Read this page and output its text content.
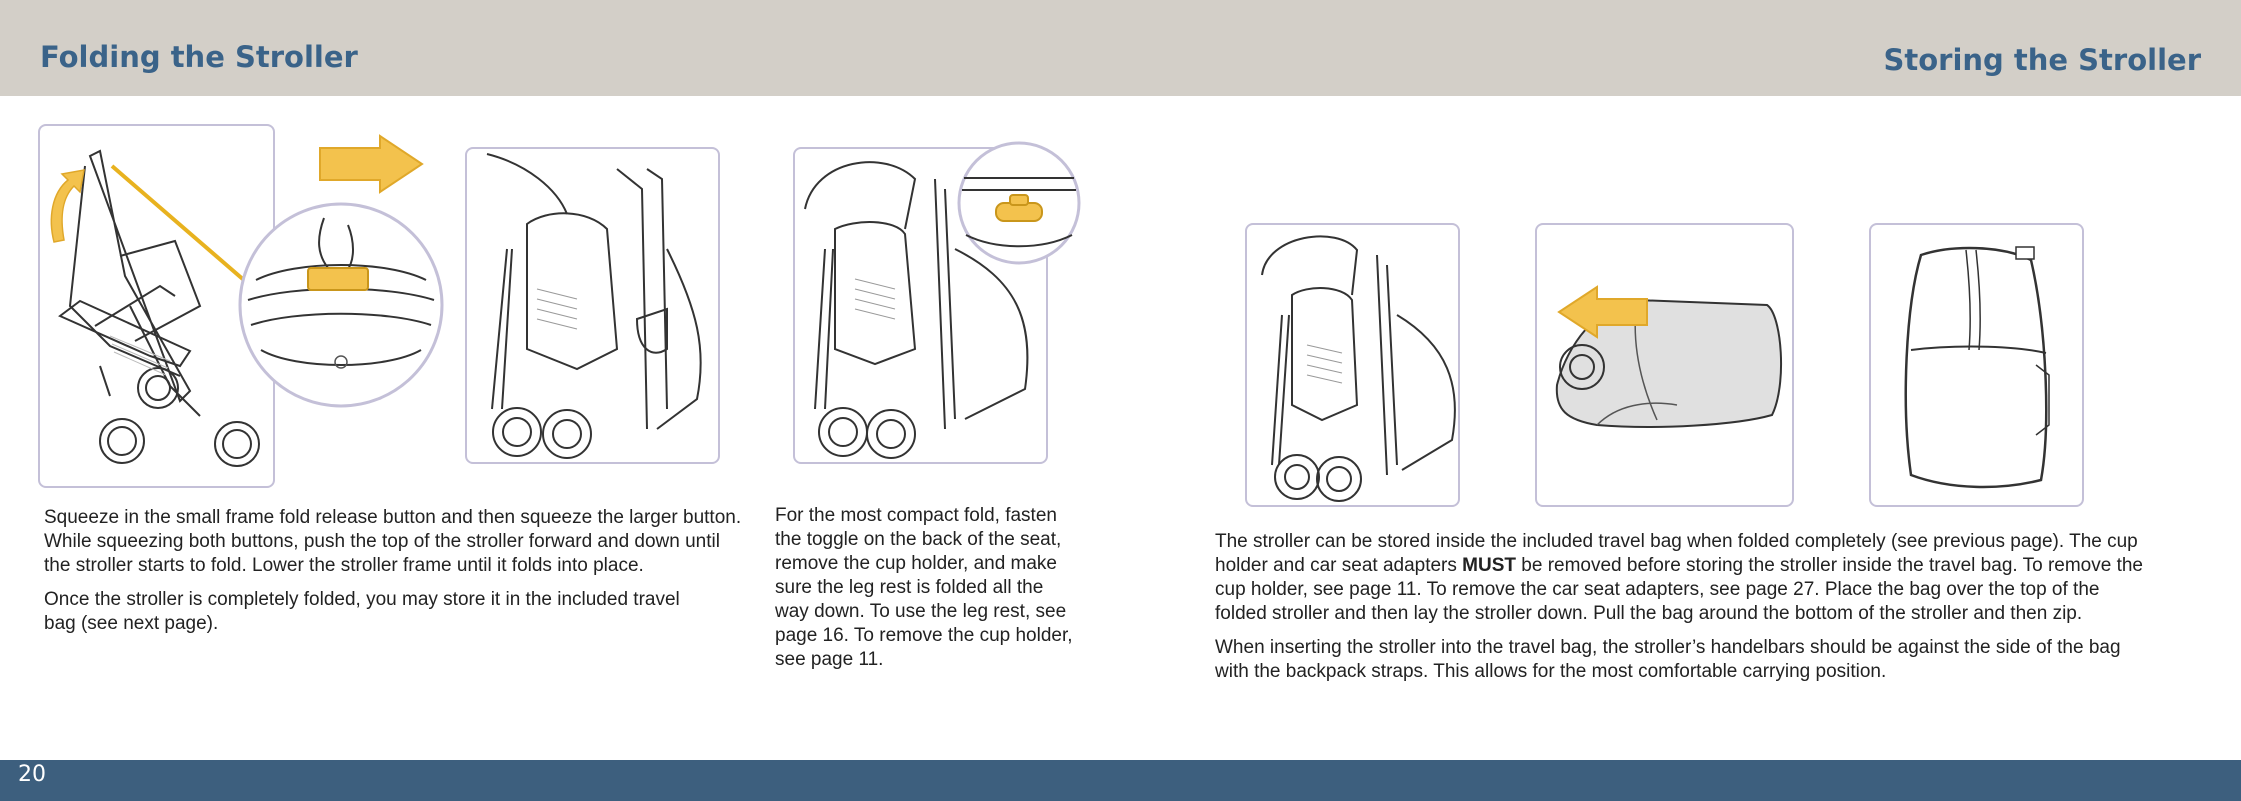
Folding the Stroller	Storing the Stroller

Squeeze in the small frame fold release button and then squeeze the larger button. While squeezing both buttons, push the top of the stroller forward and down until the stroller starts to fold. Lower the stroller frame until it folds into place.

Once the stroller is completely folded, you may store it in the included travel bag (see next page).

For the most compact fold, fasten the toggle on the back of the seat, remove the cup holder, and make sure the leg rest is folded all the way down. To use the leg rest, see page 16. To remove the cup holder, see page 11.

The stroller can be stored inside the included travel bag when folded completely (see previous page). The cup holder and car seat adapters MUST be removed before storing the stroller inside the travel bag. To remove the cup holder, see page 11. To remove the car seat adapters, see page 27. Place the bag over the top of the folded stroller and then lay the stroller down. Pull the bag around the bottom of the stroller and then zip.

When inserting the stroller into the travel bag, the stroller’s handelbars should be against the side of the bag with the backpack straps. This allows for the most comfortable carrying position.

20
